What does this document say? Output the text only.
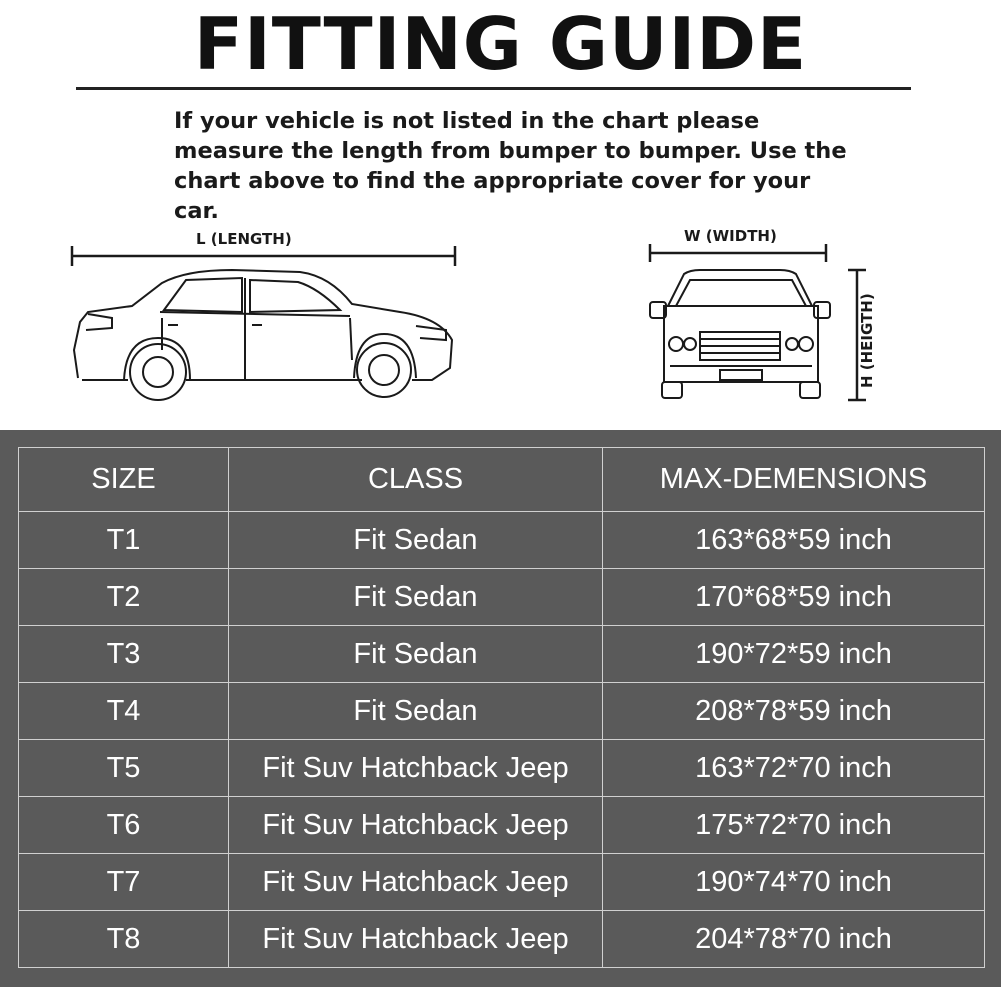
FITTING GUIDE
If your vehicle is not listed in the chart please
measure the length from bumper to bumper. Use the
chart above to find the appropriate cover for your
car.
L (LENGTH)	W (WIDTH)
H (HEIGTH)
SIZE	CLASS	MAX-DEMENSIONS
T1	Fit Sedan	163*68*59 inch
T2	Fit Sedan	170*68*59 inch
T3	Fit Sedan	190*72*59 inch
T4	Fit Sedan	208*78*59 inch
T5	Fit Suv Hatchback Jeep	163*72*70 inch
T6	Fit Suv Hatchback Jeep	175*72*70 inch
T7	Fit Suv Hatchback Jeep	190*74*70 inch
T8	Fit Suv Hatchback Jeep	204*78*70 inch
